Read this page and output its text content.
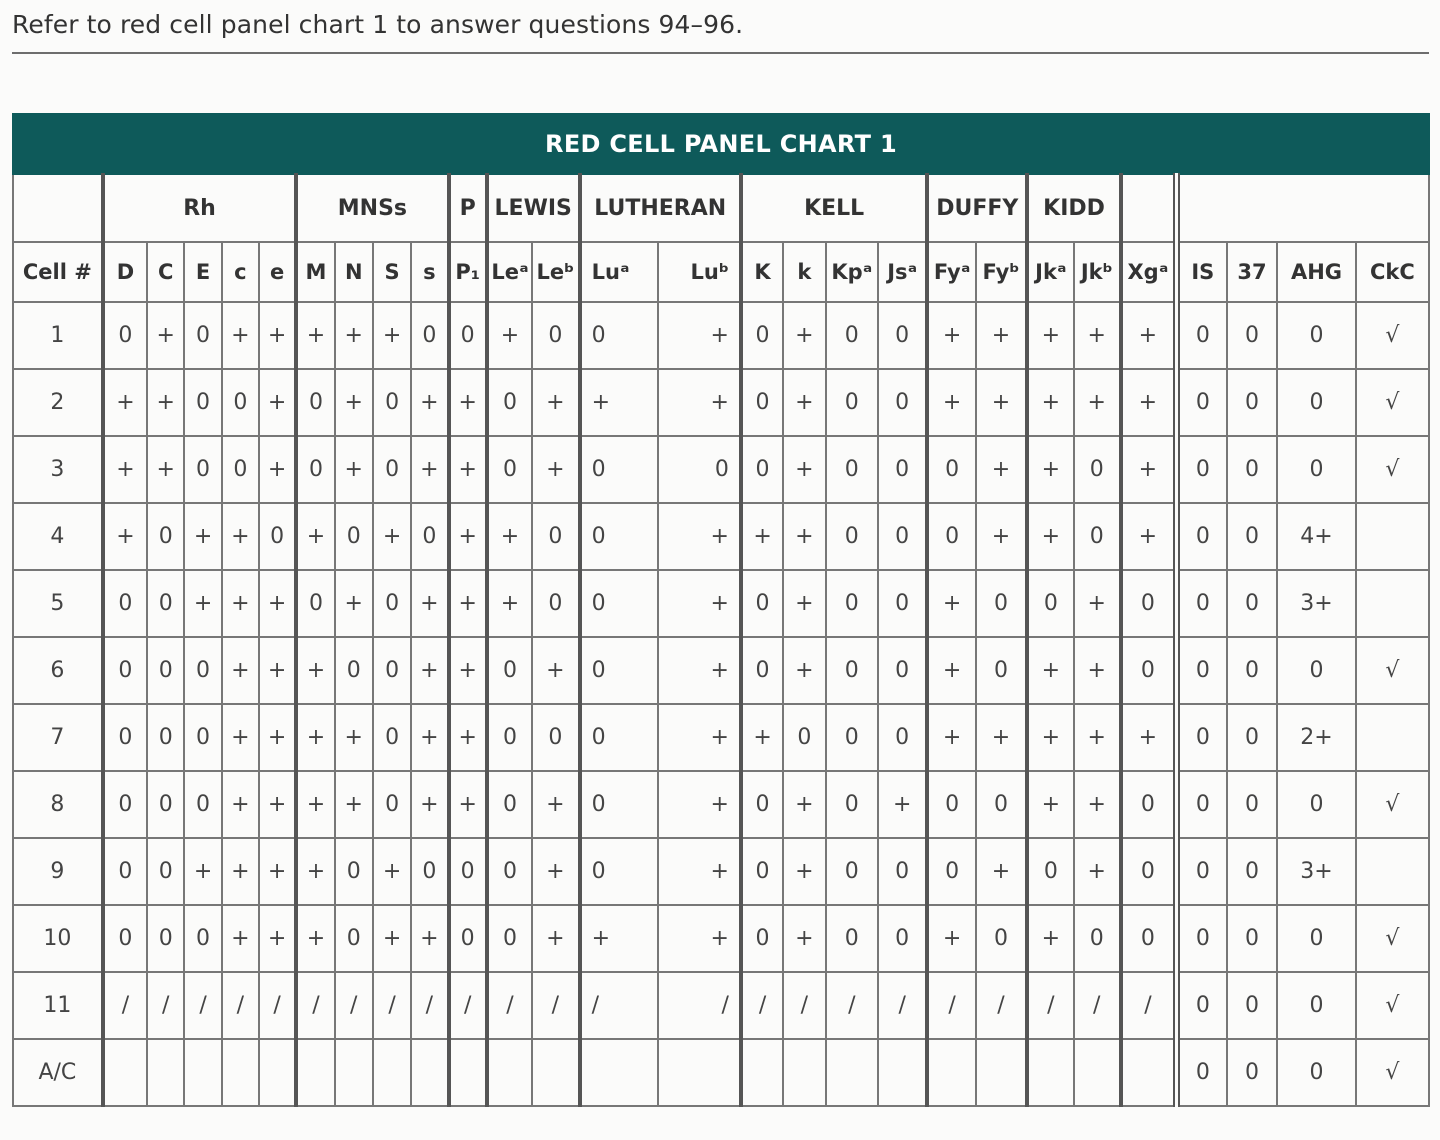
Refer to red cell panel chart 1 to answer questions 94–96.
RED CELL PANEL CHART 1																											
	Rh					MNSs				P	LEWIS		LUTHERAN		KELL				DUFFY		KIDD						
Cell #	D	C	E	c	e	M	N	S	s	P₁	Leᵃ	Leᵇ	Luᵃ	Luᵇ	K	k	Kpᵃ	Jsᵃ	Fyᵃ	Fyᵇ	Jkᵃ	Jkᵇ	Xgᵃ	IS	37	AHG	CkC
1	0	+	0	+	+	+	+	+	0	0	+	0	0	+	0	+	0	0	+	+	+	+	+	0	0	0	√
2	+	+	0	0	+	0	+	0	+	+	0	+	+	+	0	+	0	0	+	+	+	+	+	0	0	0	√
3	+	+	0	0	+	0	+	0	+	+	0	+	0	0	0	+	0	0	0	+	+	0	+	0	0	0	√
4	+	0	+	+	0	+	0	+	0	+	+	0	0	+	+	+	0	0	0	+	+	0	+	0	0	4+	
5	0	0	+	+	+	0	+	0	+	+	+	0	0	+	0	+	0	0	+	0	0	+	0	0	0	3+	
6	0	0	0	+	+	+	0	0	+	+	0	+	0	+	0	+	0	0	+	0	+	+	0	0	0	0	√
7	0	0	0	+	+	+	+	0	+	+	0	0	0	+	+	0	0	0	+	+	+	+	+	0	0	2+	
8	0	0	0	+	+	+	+	0	+	+	0	+	0	+	0	+	0	+	0	0	+	+	0	0	0	0	√
9	0	0	+	+	+	+	0	+	0	0	0	+	0	+	0	+	0	0	0	+	0	+	0	0	0	3+	
10	0	0	0	+	+	+	0	+	+	0	0	+	+	+	0	+	0	0	+	0	+	0	0	0	0	0	√
11	/	/	/	/	/	/	/	/	/	/	/	/	/	/	/	/	/	/	/	/	/	/	/	0	0	0	√
A/C																								0	0	0	√
